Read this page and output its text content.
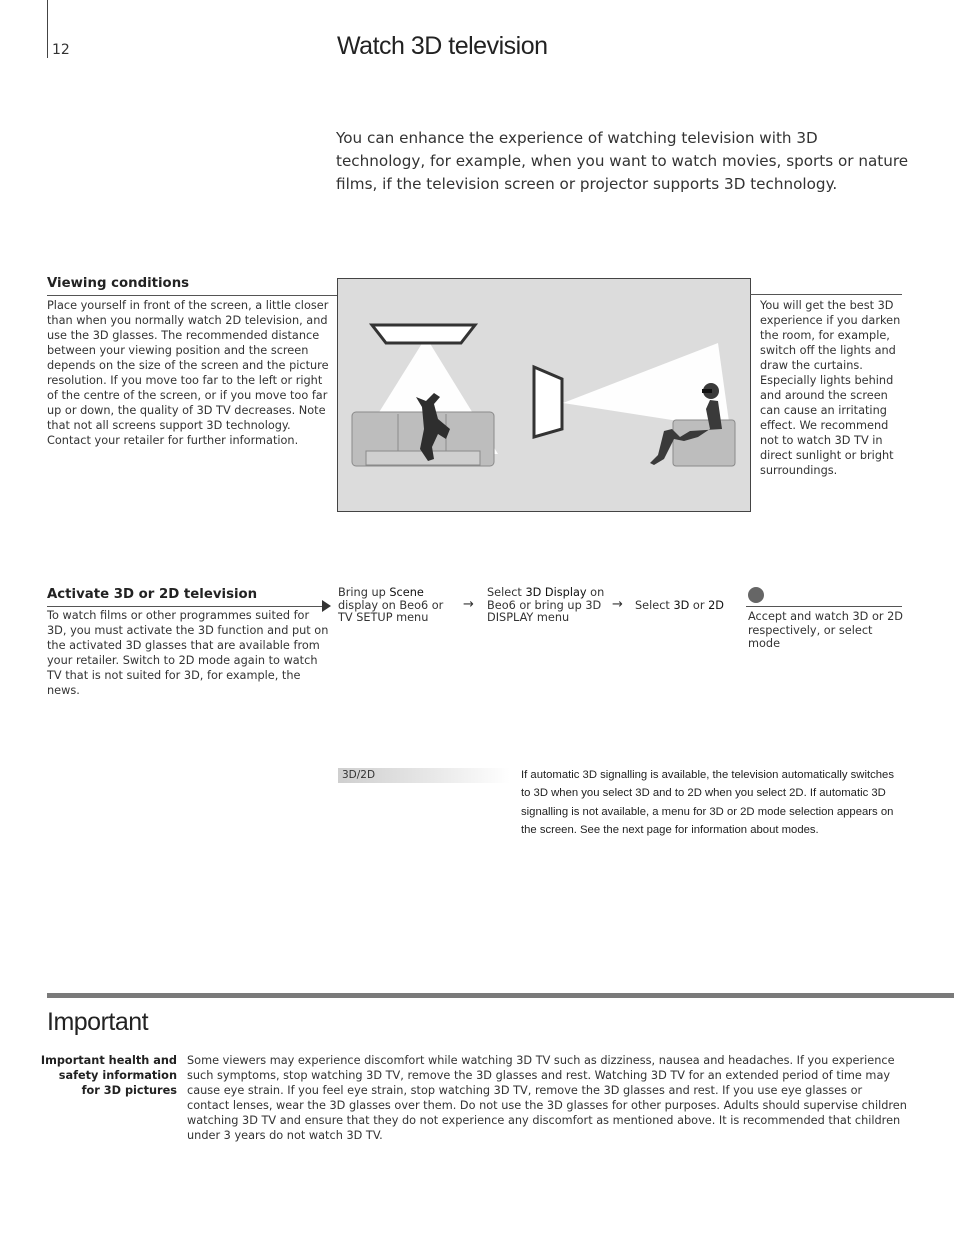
12	Watch 3D television
You can enhance the experience of watching television with 3D technology, for example, when you want to watch movies, sports or nature films, if the television screen or projector supports 3D technology.
Viewing conditions
Place yourself in front of the screen, a little closer than when you normally watch 2D television, and use the 3D glasses. The recommended distance between your viewing position and the screen depends on the size of the screen and the picture resolution. If you move too far to the left or right of the centre of the screen, or if you move too far up or down, the quality of 3D TV decreases. Note that not all screens support 3D technology. Contact your retailer for further information.
You will get the best 3D experience if you darken the room, for example, switch off the lights and draw the curtains. Especially lights behind and around the screen can cause an irritating effect. We recommend not to watch 3D TV in direct sunlight or bright surroundings.
Activate 3D or 2D television
To watch films or other programmes suited for 3D, you must activate the 3D function and put on the activated 3D glasses that are available from your retailer. Switch to 2D mode again to watch TV that is not suited for 3D, for example, the news.
Bring up Scene display on Beo6 or TV SETUP menu
→
Select 3D Display on Beo6 or bring up 3D DISPLAY menu
→ Select 3D or 2D
Accept and watch 3D or 2D respectively, or select mode
3D/2D	If automatic 3D signalling is available, the television automatically switches to 3D when you select 3D and to 2D when you select 2D. If automatic 3D signalling is not available, a menu for 3D or 2D mode selection appears on the screen. See the next page for information about modes.
Important
Important health and safety information for 3D pictures
Some viewers may experience discomfort while watching 3D TV such as dizziness, nausea and headaches. If you experience such symptoms, stop watching 3D TV, remove the 3D glasses and rest. Watching 3D TV for an extended period of time may cause eye strain. If you feel eye strain, stop watching 3D TV, remove the 3D glasses and rest. If you use eye glasses or contact lenses, wear the 3D glasses over them. Do not use the 3D glasses for other purposes. Adults should supervise children watching 3D TV and ensure that they do not experience any discomfort as mentioned above. It is recommended that children under 3 years do not watch 3D TV.
